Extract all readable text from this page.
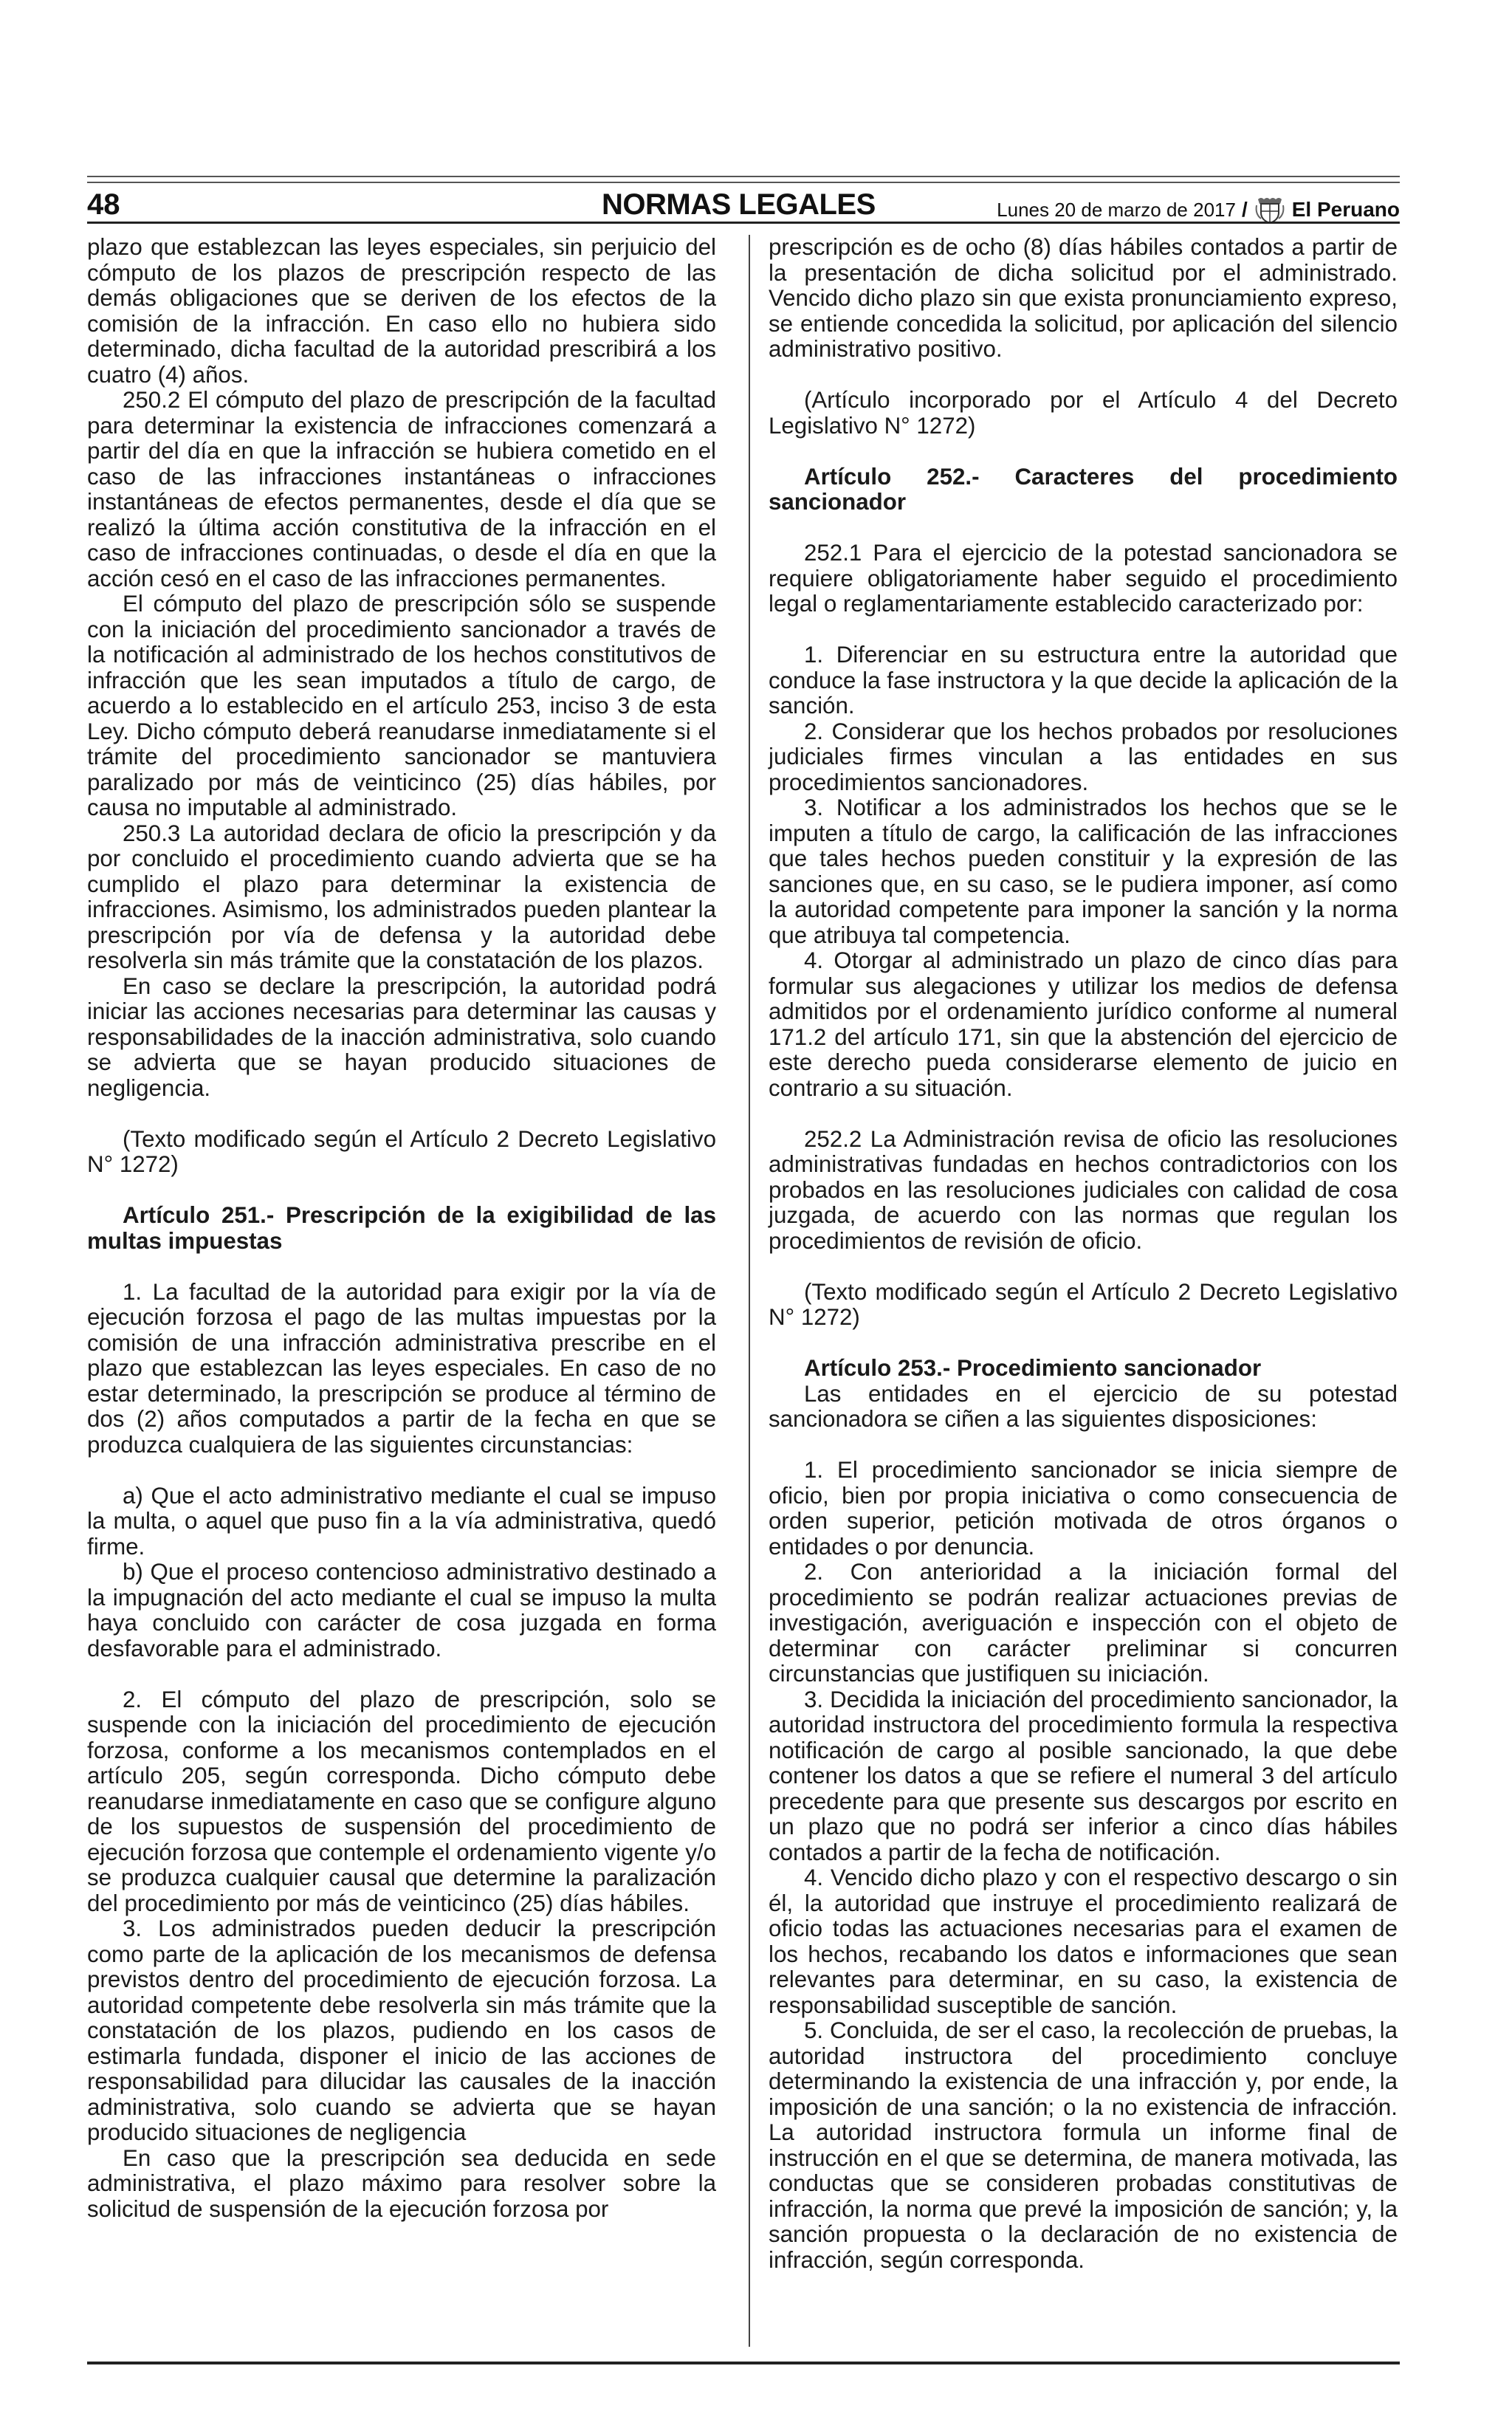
48	NORMAS LEGALES	Lunes 20 de marzo de 2017 / El Peruano

plazo que establezcan las leyes especiales, sin perjuicio del cómputo de los plazos de prescripción respecto de las demás obligaciones que se deriven de los efectos de la comisión de la infracción. En caso ello no hubiera sido determinado, dicha facultad de la autoridad prescribirá a los cuatro (4) años.

250.2 El cómputo del plazo de prescripción de la facultad para determinar la existencia de infracciones comenzará a partir del día en que la infracción se hubiera cometido en el caso de las infracciones instantáneas o infracciones instantáneas de efectos permanentes, desde el día que se realizó la última acción constitutiva de la infracción en el caso de infracciones continuadas, o desde el día en que la acción cesó en el caso de las infracciones permanentes.

El cómputo del plazo de prescripción sólo se suspende con la iniciación del procedimiento sancionador a través de la notificación al administrado de los hechos constitutivos de infracción que les sean imputados a título de cargo, de acuerdo a lo establecido en el artículo 253, inciso 3 de esta Ley. Dicho cómputo deberá reanudarse inmediatamente si el trámite del procedimiento sancionador se mantuviera paralizado por más de veinticinco (25) días hábiles, por causa no imputable al administrado.

250.3 La autoridad declara de oficio la prescripción y da por concluido el procedimiento cuando advierta que se ha cumplido el plazo para determinar la existencia de infracciones. Asimismo, los administrados pueden plantear la prescripción por vía de defensa y la autoridad debe resolverla sin más trámite que la constatación de los plazos.

En caso se declare la prescripción, la autoridad podrá iniciar las acciones necesarias para determinar las causas y responsabilidades de la inacción administrativa, solo cuando se advierta que se hayan producido situaciones de negligencia.

(Texto modificado según el Artículo 2 Decreto Legislativo N° 1272)

Artículo 251.- Prescripción de la exigibilidad de las multas impuestas

1. La facultad de la autoridad para exigir por la vía de ejecución forzosa el pago de las multas impuestas por la comisión de una infracción administrativa prescribe en el plazo que establezcan las leyes especiales. En caso de no estar determinado, la prescripción se produce al término de dos (2) años computados a partir de la fecha en que se produzca cualquiera de las siguientes circunstancias:

a) Que el acto administrativo mediante el cual se impuso la multa, o aquel que puso fin a la vía administrativa, quedó firme.

b) Que el proceso contencioso administrativo destinado a la impugnación del acto mediante el cual se impuso la multa haya concluido con carácter de cosa juzgada en forma desfavorable para el administrado.

2. El cómputo del plazo de prescripción, solo se suspende con la iniciación del procedimiento de ejecución forzosa, conforme a los mecanismos contemplados en el artículo 205, según corresponda. Dicho cómputo debe reanudarse inmediatamente en caso que se configure alguno de los supuestos de suspensión del procedimiento de ejecución forzosa que contemple el ordenamiento vigente y/o se produzca cualquier causal que determine la paralización del procedimiento por más de veinticinco (25) días hábiles.

3. Los administrados pueden deducir la prescripción como parte de la aplicación de los mecanismos de defensa previstos dentro del procedimiento de ejecución forzosa. La autoridad competente debe resolverla sin más trámite que la constatación de los plazos, pudiendo en los casos de estimarla fundada, disponer el inicio de las acciones de responsabilidad para dilucidar las causales de la inacción administrativa, solo cuando se advierta que se hayan producido situaciones de negligencia

En caso que la prescripción sea deducida en sede administrativa, el plazo máximo para resolver sobre la solicitud de suspensión de la ejecución forzosa por

prescripción es de ocho (8) días hábiles contados a partir de la presentación de dicha solicitud por el administrado. Vencido dicho plazo sin que exista pronunciamiento expreso, se entiende concedida la solicitud, por aplicación del silencio administrativo positivo.

(Artículo incorporado por el Artículo 4 del Decreto Legislativo N° 1272)

Artículo 252.- Caracteres del procedimiento sancionador

252.1 Para el ejercicio de la potestad sancionadora se requiere obligatoriamente haber seguido el procedimiento legal o reglamentariamente establecido caracterizado por:

1. Diferenciar en su estructura entre la autoridad que conduce la fase instructora y la que decide la aplicación de la sanción.

2. Considerar que los hechos probados por resoluciones judiciales firmes vinculan a las entidades en sus procedimientos sancionadores.

3. Notificar a los administrados los hechos que se le imputen a título de cargo, la calificación de las infracciones que tales hechos pueden constituir y la expresión de las sanciones que, en su caso, se le pudiera imponer, así como la autoridad competente para imponer la sanción y la norma que atribuya tal competencia.

4. Otorgar al administrado un plazo de cinco días para formular sus alegaciones y utilizar los medios de defensa admitidos por el ordenamiento jurídico conforme al numeral 171.2 del artículo 171, sin que la abstención del ejercicio de este derecho pueda considerarse elemento de juicio en contrario a su situación.

252.2 La Administración revisa de oficio las resoluciones administrativas fundadas en hechos contradictorios con los probados en las resoluciones judiciales con calidad de cosa juzgada, de acuerdo con las normas que regulan los procedimientos de revisión de oficio.

(Texto modificado según el Artículo 2 Decreto Legislativo N° 1272)

Artículo 253.- Procedimiento sancionador

Las entidades en el ejercicio de su potestad sancionadora se ciñen a las siguientes disposiciones:

1. El procedimiento sancionador se inicia siempre de oficio, bien por propia iniciativa o como consecuencia de orden superior, petición motivada de otros órganos o entidades o por denuncia.

2. Con anterioridad a la iniciación formal del procedimiento se podrán realizar actuaciones previas de investigación, averiguación e inspección con el objeto de determinar con carácter preliminar si concurren circunstancias que justifiquen su iniciación.

3. Decidida la iniciación del procedimiento sancionador, la autoridad instructora del procedimiento formula la respectiva notificación de cargo al posible sancionado, la que debe contener los datos a que se refiere el numeral 3 del artículo precedente para que presente sus descargos por escrito en un plazo que no podrá ser inferior a cinco días hábiles contados a partir de la fecha de notificación.

4. Vencido dicho plazo y con el respectivo descargo o sin él, la autoridad que instruye el procedimiento realizará de oficio todas las actuaciones necesarias para el examen de los hechos, recabando los datos e informaciones que sean relevantes para determinar, en su caso, la existencia de responsabilidad susceptible de sanción.

5. Concluida, de ser el caso, la recolección de pruebas, la autoridad instructora del procedimiento concluye determinando la existencia de una infracción y, por ende, la imposición de una sanción; o la no existencia de infracción. La autoridad instructora formula un informe final de instrucción en el que se determina, de manera motivada, las conductas que se consideren probadas constitutivas de infracción, la norma que prevé la imposición de sanción; y, la sanción propuesta o la declaración de no existencia de infracción, según corresponda.
